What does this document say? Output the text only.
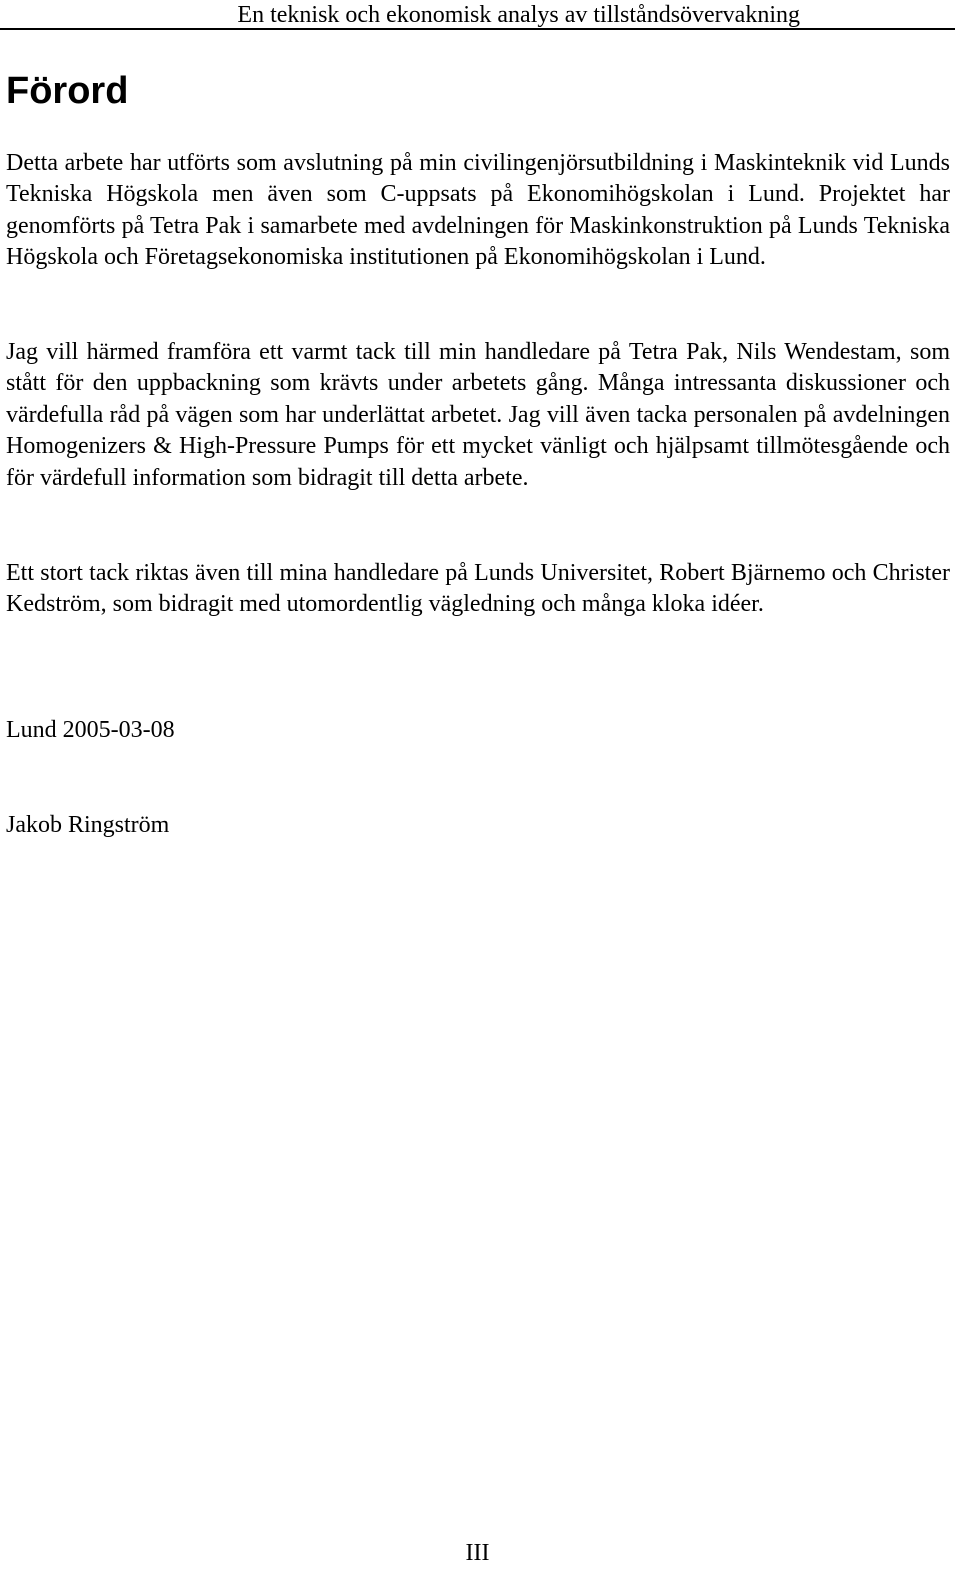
En teknisk och ekonomisk analys av tillståndsövervakning
Förord

Detta arbete har utförts som avslutning på min civilingenjörsutbildning i Maskinteknik vid Lunds Tekniska Högskola men även som C-uppsats på Ekonomihögskolan i Lund. Projektet har genomförts på Tetra Pak i samarbete med avdelningen för Maskinkonstruktion på Lunds Tekniska Högskola och Företagsekonomiska institutionen på Ekonomihögskolan i Lund.

Jag vill härmed framföra ett varmt tack till min handledare på Tetra Pak, Nils Wendestam, som stått för den uppbackning som krävts under arbetets gång. Många intressanta diskussioner och värdefulla råd på vägen som har underlättat arbetet. Jag vill även tacka personalen på avdelningen Homogenizers & High-Pressure Pumps för ett mycket vänligt och hjälpsamt tillmötesgående och för värdefull information som bidragit till detta arbete.

Ett stort tack riktas även till mina handledare på Lunds Universitet, Robert Bjärnemo och Christer Kedström, som bidragit med utomordentlig vägledning och många kloka idéer.

Lund 2005-03-08

Jakob Ringström

III
